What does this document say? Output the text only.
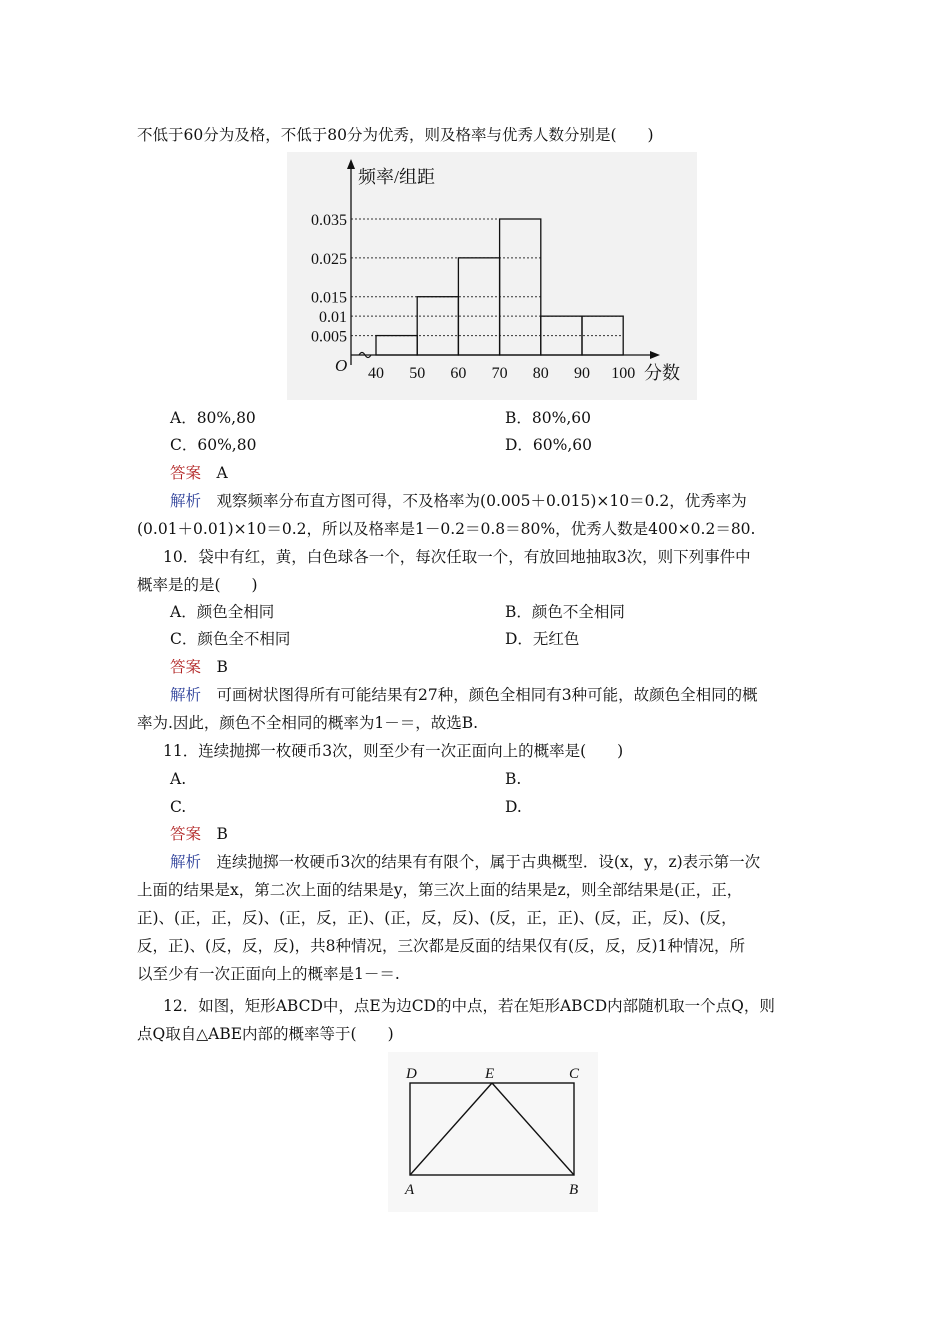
不低于60分为及格，不低于80分为优秀，则及格率与优秀人数分别是(　　)
频率/组距
分数
O
0.035
0.025
0.015
0.01
0.005
40 50 60 70 80 90 100
A．80%,80	B．80%,60
C．60%,80	D．60%,60
答案　 A
解析　 观察频率分布直方图可得，不及格率为(0.005＋0.015)×10＝0.2，优秀率为
(0.01＋0.01)×10＝0.2，所以及格率是1－0.2＝0.8＝80%，优秀人数是400×0.2＝80.
10．袋中有红，黄，白色球各一个，每次任取一个，有放回地抽取3次，则下列事件中
概率是的是(　　)
A．颜色全相同	B．颜色不全相同
C．颜色全不相同	D．无红色
答案　 B
解析　 可画树状图得所有可能结果有27种，颜色全相同有3种可能，故颜色全相同的概
率为.因此，颜色不全相同的概率为1－＝，故选B.
11．连续抛掷一枚硬币3次，则至少有一次正面向上的概率是(　　)
A.	B.
C.	D.
答案　 B
解析　 连续抛掷一枚硬币3次的结果有有限个，属于古典概型．设(x，y，z)表示第一次
上面的结果是x，第二次上面的结果是y，第三次上面的结果是z，则全部结果是(正，正，
正)、(正，正，反)、(正，反，正)、(正，反，反)、(反，正，正)、(反，正，反)、(反，
反，正)、(反，反，反)，共8种情况，三次都是反面的结果仅有(反，反，反)1种情况，所
以至少有一次正面向上的概率是1－＝.
12．如图，矩形ABCD中，点E为边CD的中点，若在矩形ABCD内部随机取一个点Q，则
点Q取自△ABE内部的概率等于(　　)
D	E	C
A	B
